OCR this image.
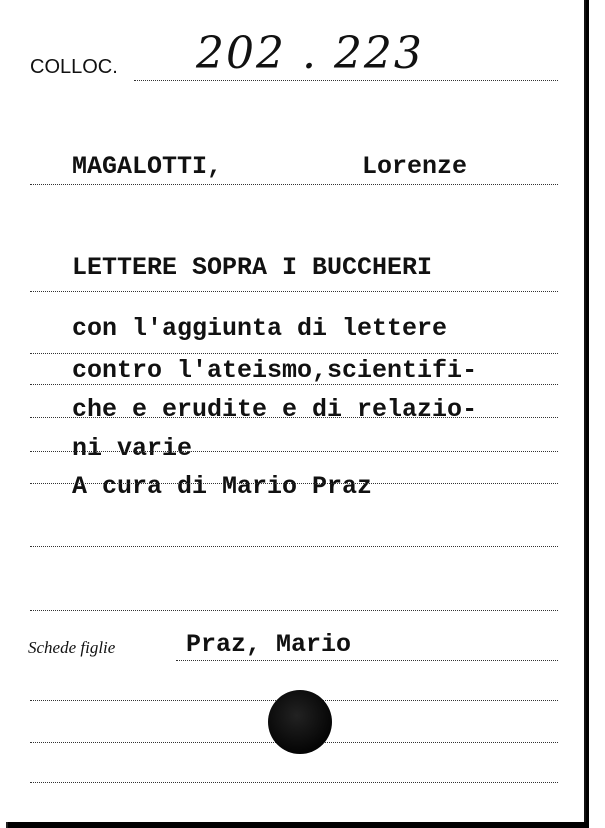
COLLOC. 202 . 223
MAGALOTTI,	Lorenze
LETTERE SOPRA I BUCCHERI
con l'aggiunta di lettere
contro l'ateismo,scientifi-
che e erudite e di relazio-
ni varie
A cura di Mario Praz
Schede figlie	Praz, Mario
